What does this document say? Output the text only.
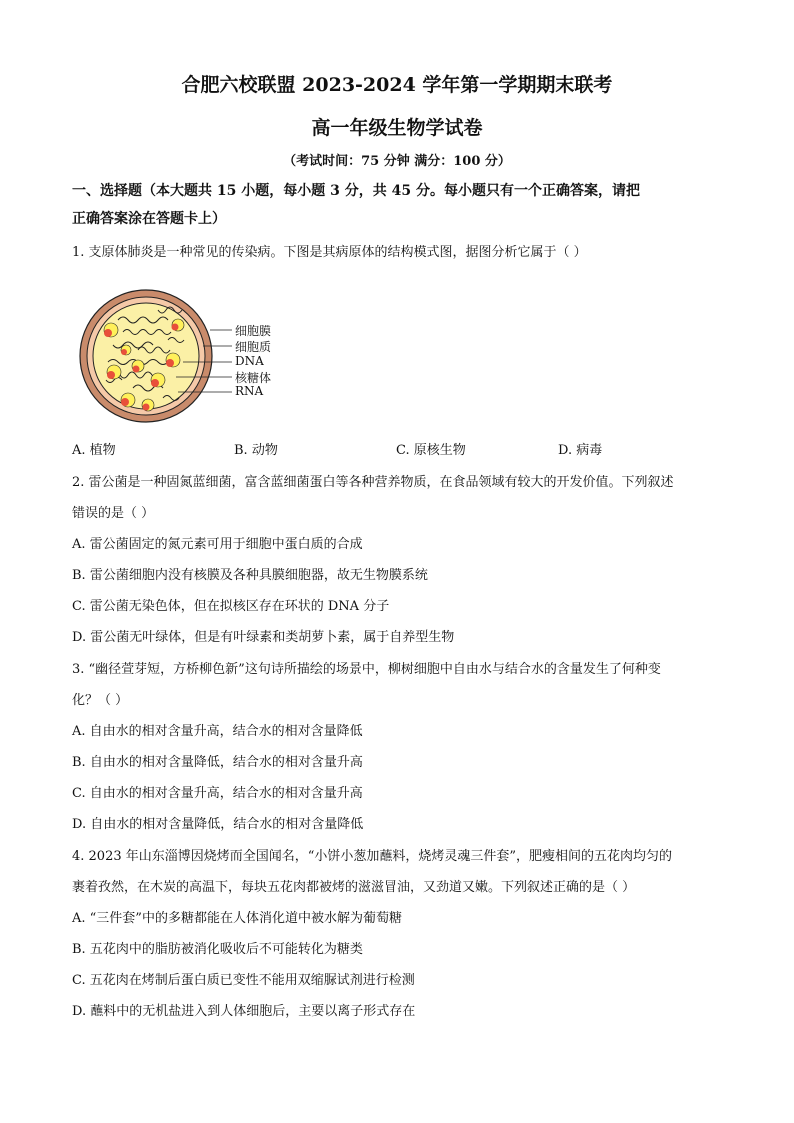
合肥六校联盟 2023-2024 学年第一学期期末联考
高一年级生物学试卷
（考试时间：75 分钟 满分：100 分）
一、选择题（本大题共 15 小题，每小题 3 分，共 45 分。每小题只有一个正确答案，请把
正确答案涂在答题卡上）
1. 支原体肺炎是一种常见的传染病。下图是其病原体的结构模式图，据图分析它属于（ ）
细胞膜
细胞质
DNA
核糖体
RNA
A. 植物	B. 动物	C. 原核生物	D. 病毒
2. 雷公菌是一种固氮蓝细菌，富含蓝细菌蛋白等各种营养物质，在食品领域有较大的开发价值。下列叙述
错误的是（ ）
A. 雷公菌固定的氮元素可用于细胞中蛋白质的合成
B. 雷公菌细胞内没有核膜及各种具膜细胞器，故无生物膜系统
C. 雷公菌无染色体，但在拟核区存在环状的 DNA 分子
D. 雷公菌无叶绿体，但是有叶绿素和类胡萝卜素，属于自养型生物
3. “幽径萱芽短，方桥柳色新”这句诗所描绘的场景中，柳树细胞中自由水与结合水的含量发生了何种变
化？（ ）
A. 自由水的相对含量升高，结合水的相对含量降低
B. 自由水的相对含量降低，结合水的相对含量升高
C. 自由水的相对含量升高，结合水的相对含量升高
D. 自由水的相对含量降低，结合水的相对含量降低
4. 2023 年山东淄博因烧烤而全国闻名，“小饼小葱加蘸料，烧烤灵魂三件套”，肥瘦相间的五花肉均匀的
裹着孜然，在木炭的高温下，每块五花肉都被烤的滋滋冒油，又劲道又嫩。下列叙述正确的是（ ）
A. “三件套”中的多糖都能在人体消化道中被水解为葡萄糖
B. 五花肉中的脂肪被消化吸收后不可能转化为糖类
C. 五花肉在烤制后蛋白质已变性不能用双缩脲试剂进行检测
D. 蘸料中的无机盐进入到人体细胞后，主要以离子形式存在
